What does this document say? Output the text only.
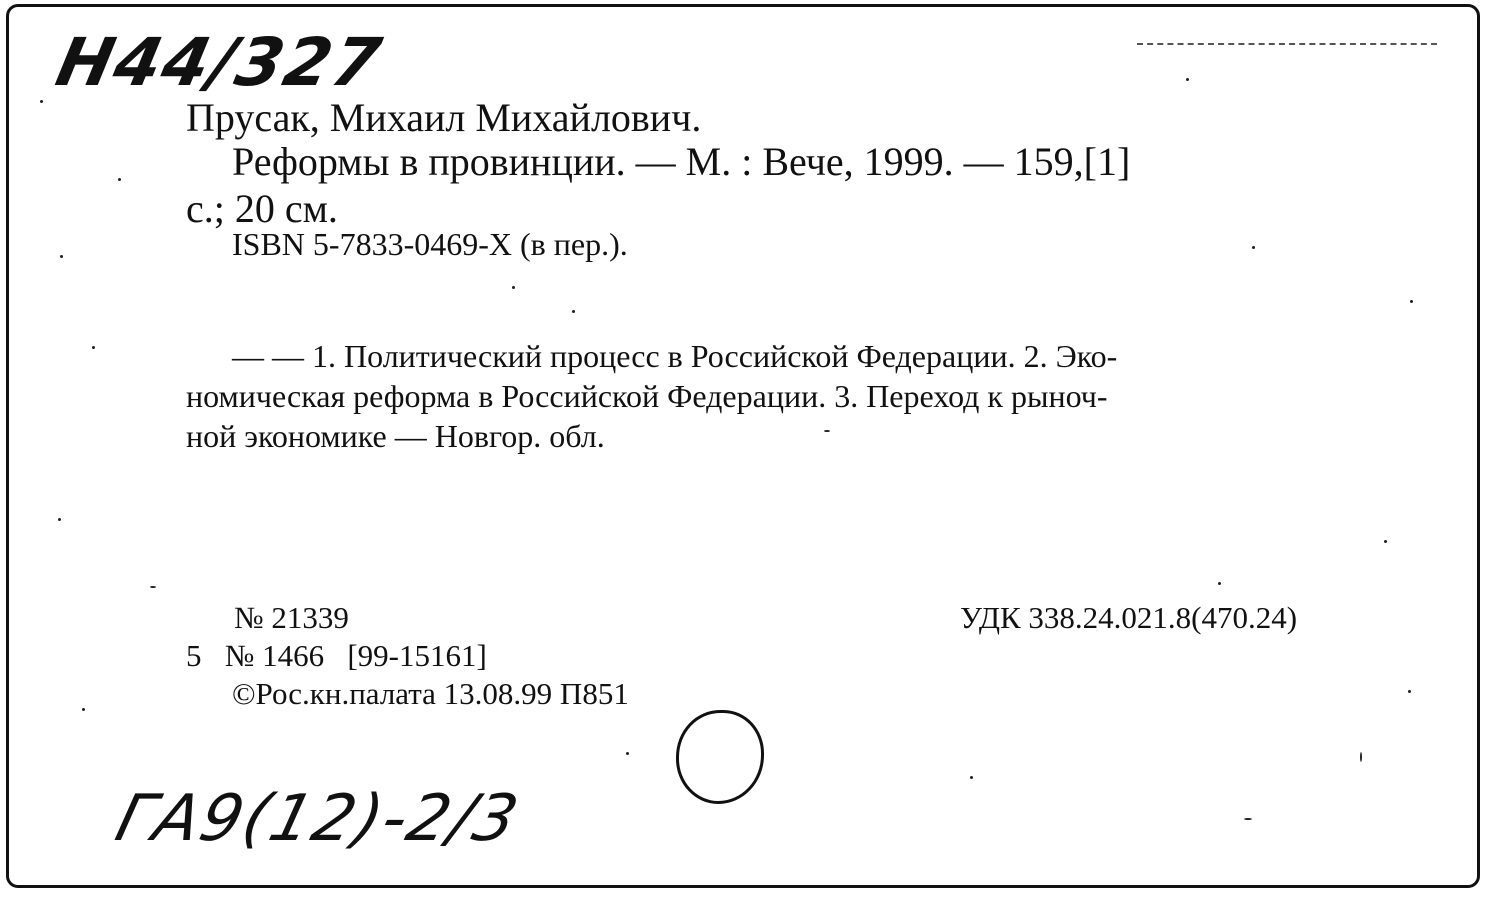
Н44/327
Прусак, Михаил Михайлович.
Реформы в провинции. — М. : Вече, 1999. — 159,[1]
с.; 20 см.
ISBN 5-7833-0469-Х (в пер.).
— — 1. Политический процесс в Российской Федерации. 2. Эко-
номическая реформа в Российской Федерации. 3. Переход к рыноч-
ной экономике — Новгор. обл.
№ 21339
5 № 1466 [99-15161]
©Рос.кн.палата 13.08.99 П851
УДК 338.24.021.8(470.24)
ГА9(12)-2/3
